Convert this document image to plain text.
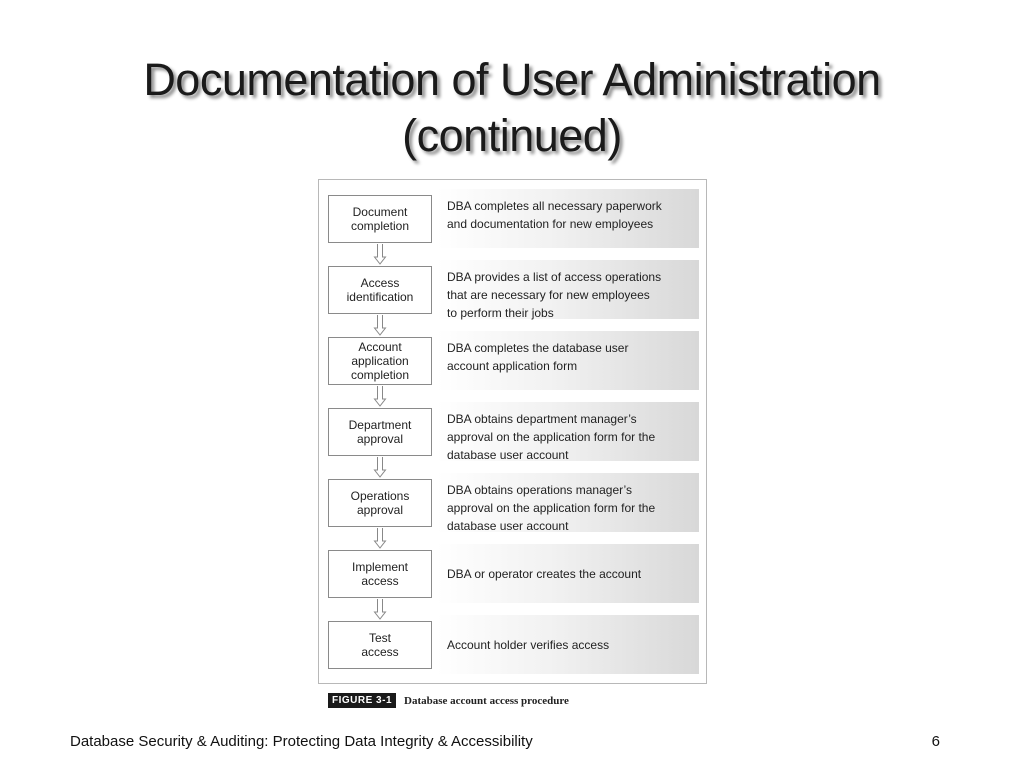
Documentation of User Administration
(continued)
Document
completion
DBA completes all necessary paperwork
and documentation for new employees
Access
identification
DBA provides a list of access operations
that are necessary for new employees
to perform their jobs
Account
application
completion
DBA completes the database user
account application form
Department
approval
DBA obtains department manager’s
approval on the application form for the
database user account
Operations
approval
DBA obtains operations manager’s
approval on the application form for the
database user account
Implement
access
DBA or operator creates the account
Test
access
Account holder verifies access
FIGURE 3-1	Database account access procedure
Database Security & Auditing: Protecting Data Integrity & Accessibility	6
